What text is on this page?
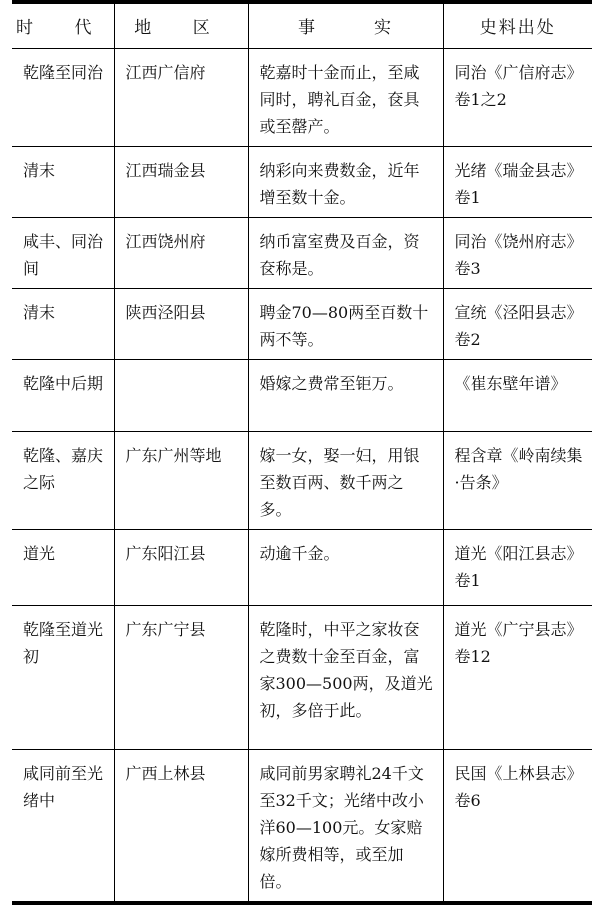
时 代	地 区	事　　　实	史料出处
乾隆至同治	江西广信府	乾嘉时十金而止，至咸同时，聘礼百金，奁具或至罄产。	同治《广信府志》卷1之2
清末	江西瑞金县	纳彩向来费数金，近年增至数十金。	光绪《瑞金县志》卷1
咸丰、同治间	江西饶州府	纳币富室费及百金，资奁称是。	同治《饶州府志》卷3
清末	陕西泾阳县	聘金70—80两至百数十两不等。	宣统《泾阳县志》卷2
乾隆中后期		婚嫁之费常至钜万。	《崔东壁年谱》
乾隆、嘉庆之际	广东广州等地	嫁一女，娶一妇，用银至数百两、数千两之多。	程含章《岭南续集·告条》
道光	广东阳江县	动逾千金。	道光《阳江县志》卷1
乾隆至道光初	广东广宁县	乾隆时，中平之家妆奁之费数十金至百金，富家300—500两，及道光初，多倍于此。	道光《广宁县志》卷12
咸同前至光绪中	广西上林县	咸同前男家聘礼24千文至32千文；光绪中改小洋60—100元。女家赔嫁所费相等，或至加倍。	民国《上林县志》卷6
